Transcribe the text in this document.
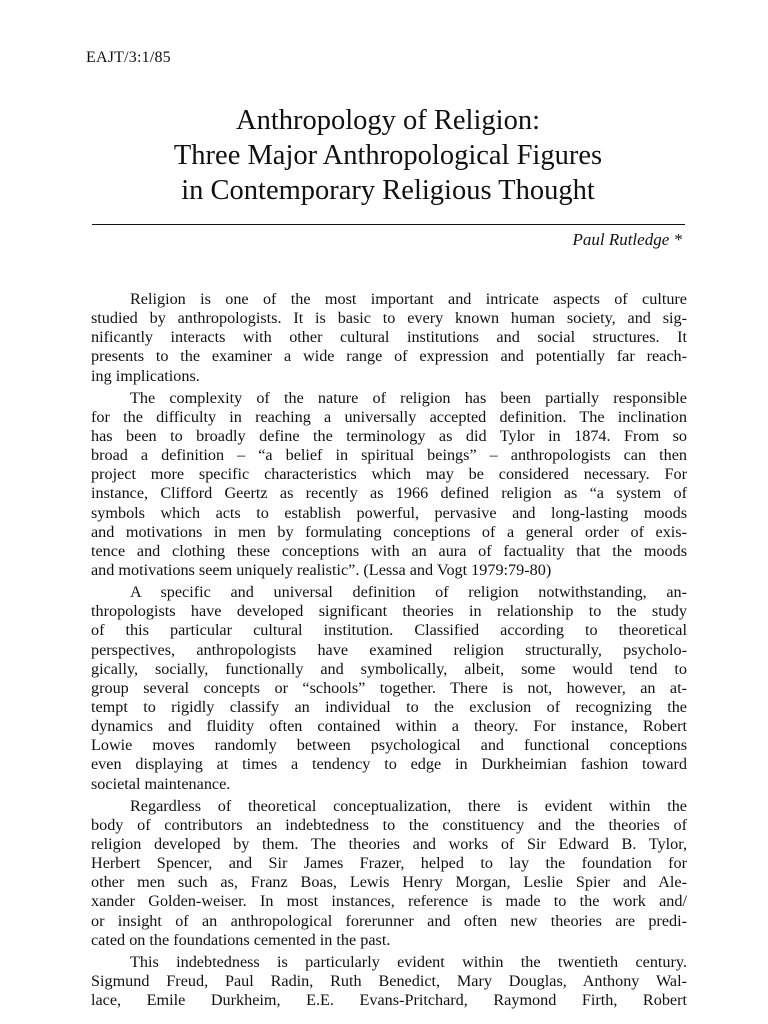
EAJT/3:1/85
Anthropology of Religion:
Three Major Anthropological Figures
in Contemporary Religious Thought
Paul Rutledge *

Religion is one of the most important and intricate aspects of culture
studied by anthropologists. It is basic to every known human society, and sig-
nificantly interacts with other cultural institutions and social structures. It
presents to the examiner a wide range of expression and potentially far reach-
ing implications.

The complexity of the nature of religion has been partially responsible
for the difficulty in reaching a universally accepted definition. The inclination
has been to broadly define the terminology as did Tylor in 1874. From so
broad a definition – “a belief in spiritual beings” – anthropologists can then
project more specific characteristics which may be considered necessary. For
instance, Clifford Geertz as recently as 1966 defined religion as “a system of
symbols which acts to establish powerful, pervasive and long-lasting moods
and motivations in men by formulating conceptions of a general order of exis-
tence and clothing these conceptions with an aura of factuality that the moods
and motivations seem uniquely realistic”. (Lessa and Vogt 1979:79-80)

A specific and universal definition of religion notwithstanding, an-
thropologists have developed significant theories in relationship to the study
of this particular cultural institution. Classified according to theoretical
perspectives, anthropologists have examined religion structurally, psycholo-
gically, socially, functionally and symbolically, albeit, some would tend to
group several concepts or “schools” together. There is not, however, an at-
tempt to rigidly classify an individual to the exclusion of recognizing the
dynamics and fluidity often contained within a theory. For instance, Robert
Lowie moves randomly between psychological and functional conceptions
even displaying at times a tendency to edge in Durkheimian fashion toward
societal maintenance.

Regardless of theoretical conceptualization, there is evident within the
body of contributors an indebtedness to the constituency and the theories of
religion developed by them. The theories and works of Sir Edward B. Tylor,
Herbert Spencer, and Sir James Frazer, helped to lay the foundation for
other men such as, Franz Boas, Lewis Henry Morgan, Leslie Spier and Ale-
xander Golden-weiser. In most instances, reference is made to the work and/
or insight of an anthropological forerunner and often new theories are predi-
cated on the foundations cemented in the past.

This indebtedness is particularly evident within the twentieth century.
Sigmund Freud, Paul Radin, Ruth Benedict, Mary Douglas, Anthony Wal-
lace, Emile Durkheim, E.E. Evans-Pritchard, Raymond Firth, Robert
